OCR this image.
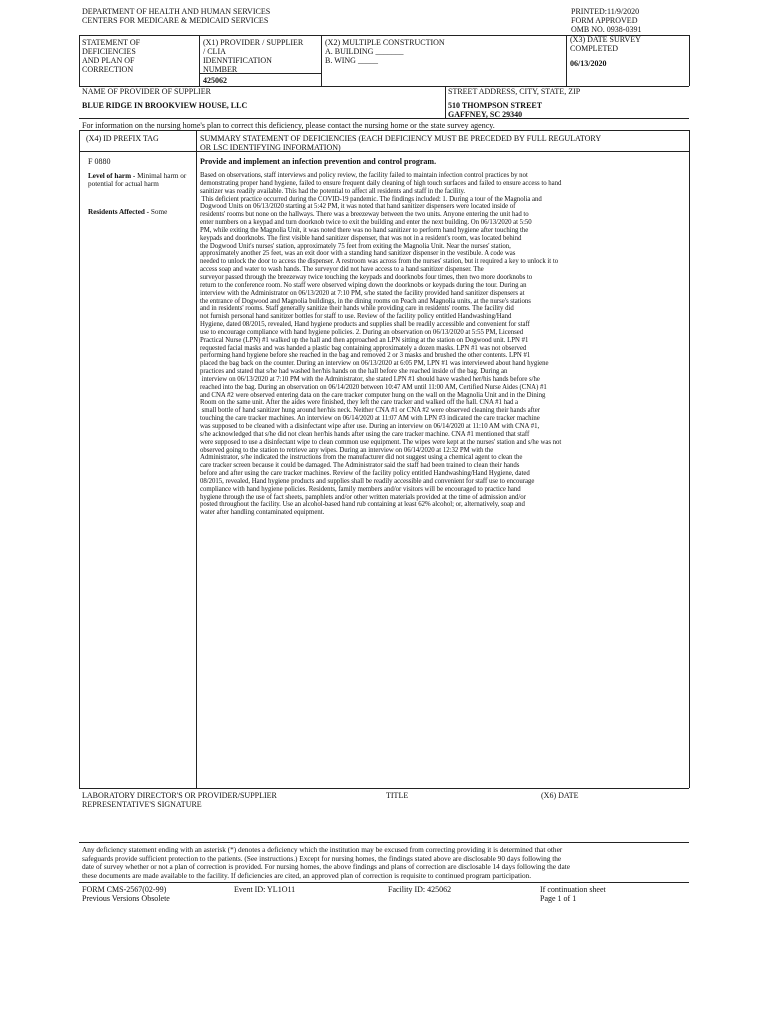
DEPARTMENT OF HEALTH AND HUMAN SERVICES
CENTERS FOR MEDICARE & MEDICAID SERVICES
PRINTED:11/9/2020
FORM APPROVED
OMB NO. 0938-0391
STATEMENT OF
DEFICIENCIES
AND PLAN OF
CORRECTION
(X1) PROVIDER / SUPPLIER
/ CLIA
IDENNTIFICATION
NUMBER
425062
(X2) MULTIPLE CONSTRUCTION
A. BUILDING _______
B. WING _____
(X3) DATE SURVEY
COMPLETED
06/13/2020
NAME OF PROVIDER OF SUPPLIER
BLUE RIDGE IN BROOKVIEW HOUSE, LLC
STREET ADDRESS, CITY, STATE, ZIP
510 THOMPSON STREET
GAFFNEY, SC 29340
For information on the nursing home's plan to correct this deficiency, please contact the nursing home or the state survey agency.
(X4) ID PREFIX TAG	SUMMARY STATEMENT OF DEFICIENCIES (EACH DEFICIENCY MUST BE PRECEDED BY FULL REGULATORY
OR LSC IDENTIFYING INFORMATION)
F 0880
Level of harm - Minimal harm or potential for actual harm
Residents Affected - Some
Provide and implement an infection prevention and control program.
Based on observations, staff interviews and policy review, the facility failed to maintain infection control practices by not
demonstrating proper hand hygiene, failed to ensure frequent daily cleaning of high touch surfaces and failed to ensure access to hand
sanitizer was readily available. This had the potential to affect all residents and staff in the facility.
This deficient practice occurred during the COVID-19 pandemic. The findings included: 1. During a tour of the Magnolia and
Dogwood Units on 06/13/2020 starting at 5:42 PM, it was noted that hand sanitizer dispensers were located inside of
residents' rooms but none on the hallways. There was a breezeway between the two units. Anyone entering the unit had to
enter numbers on a keypad and turn doorknob twice to exit the building and enter the next building. On 06/13/2020 at 5:50
PM, while exiting the Magnolia Unit, it was noted there was no hand sanitizer to perform hand hygiene after touching the
keypads and doorknobs. The first visible hand sanitizer dispenser, that was not in a resident's room, was located behind
the Dogwood Unit's nurses' station, approximately 75 feet from exiting the Magnolia Unit. Near the nurses' station,
approximately another 25 feet, was an exit door with a standing hand sanitizer dispenser in the vestibule. A code was
needed to unlock the door to access the dispenser. A restroom was across from the nurses' station, but it required a key to unlock it to
access soap and water to wash hands. The surveyor did not have access to a hand sanitizer dispenser. The
surveyor passed through the breezeway twice touching the keypads and doorknobs four times, then two more doorknobs to
return to the conference room. No staff were observed wiping down the doorknobs or keypads during the tour. During an
interview with the Administrator on 06/13/2020 at 7:10 PM, s/he stated the facility provided hand sanitizer dispensers at
the entrance of Dogwood and Magnolia buildings, in the dining rooms on Peach and Magnolia units, at the nurse's stations
and in residents' rooms. Staff generally sanitize their hands while providing care in residents' rooms. The facility did
not furnish personal hand sanitizer bottles for staff to use. Review of the facility policy entitled Handwashing/Hand
Hygiene, dated 08/2015, revealed, Hand hygiene products and supplies shall be readily accessible and convenient for staff
use to encourage compliance with hand hygiene policies. 2. During an observation on 06/13/2020 at 5:55 PM, Licensed
Practical Nurse (LPN) #1 walked up the hall and then approached an LPN sitting at the station on Dogwood unit. LPN #1
requested facial masks and was handed a plastic bag containing approximately a dozen masks. LPN #1 was not observed
performing hand hygiene before she reached in the bag and removed 2 or 3 masks and brushed the other contents. LPN #1
placed the bag back on the counter. During an interview on 06/13/2020 at 6:05 PM, LPN #1 was interviewed about hand hygiene
practices and stated that s/he had washed her/his hands on the hall before she reached inside of the bag. During an
interview on 06/13/2020 at 7:10 PM with the Administrator, she stated LPN #1 should have washed her/his hands before s/he
reached into the bag. During an observation on 06/14/2020 between 10:47 AM until 11:00 AM, Certified Nurse Aides (CNA) #1
and CNA #2 were observed entering data on the care tracker computer hung on the wall on the Magnolia Unit and in the Dining
Room on the same unit. After the aides were finished, they left the care tracker and walked off the hall. CNA #1 had a
small bottle of hand sanitizer hung around her/his neck. Neither CNA #1 or CNA #2 were observed cleaning their hands after
touching the care tracker machines. An interview on 06/14/2020 at 11:07 AM with LPN #3 indicated the care tracker machine
was supposed to be cleaned with a disinfectant wipe after use. During an interview on 06/14/2020 at 11:10 AM with CNA #1,
s/he acknowledged that s/he did not clean her/his hands after using the care tracker machine. CNA #1 mentioned that staff
were supposed to use a disinfectant wipe to clean common use equipment. The wipes were kept at the nurses' station and s/he was not
observed going to the station to retrieve any wipes. During an interview on 06/14/2020 at 12:32 PM with the
Administrator, s/he indicated the instructions from the manufacturer did not suggest using a chemical agent to clean the
care tracker screen because it could be damaged. The Administrator said the staff had been trained to clean their hands
before and after using the care tracker machines. Review of the facility policy entitled Handwashing/Hand Hygiene, dated
08/2015, revealed, Hand hygiene products and supplies shall be readily accessible and convenient for staff use to encourage
compliance with hand hygiene policies. Residents, family members and/or visitors will be encouraged to practice hand
hygiene through the use of fact sheets, pamphlets and/or other written materials provided at the time of admission and/or
posted throughout the facility. Use an alcohol-based hand rub containing at least 62% alcohol; or, alternatively, soap and
water after handling contaminated equipment.
LABORATORY DIRECTOR'S OR PROVIDER/SUPPLIER
REPRESENTATIVE'S SIGNATURE
TITLE	(X6) DATE
Any deficiency statement ending with an asterisk (*) denotes a deficiency which the institution may be excused from correcting providing it is determined that other
safeguards provide sufficient protection to the patients. (See instructions.) Except for nursing homes, the findings stated above are disclosable 90 days following the
date of survey whether or not a plan of correction is provided. For nursing homes, the above findings and plans of correction are disclosable 14 days following the date
these documents are made available to the facility. If deficiencies are cited, an approved plan of correction is requisite to continued program participation.
FORM CMS-2567(02-99)
Previous Versions Obsolete
Event ID: YL1O11	Facility ID: 425062	If continuation sheet
Page 1 of 1
